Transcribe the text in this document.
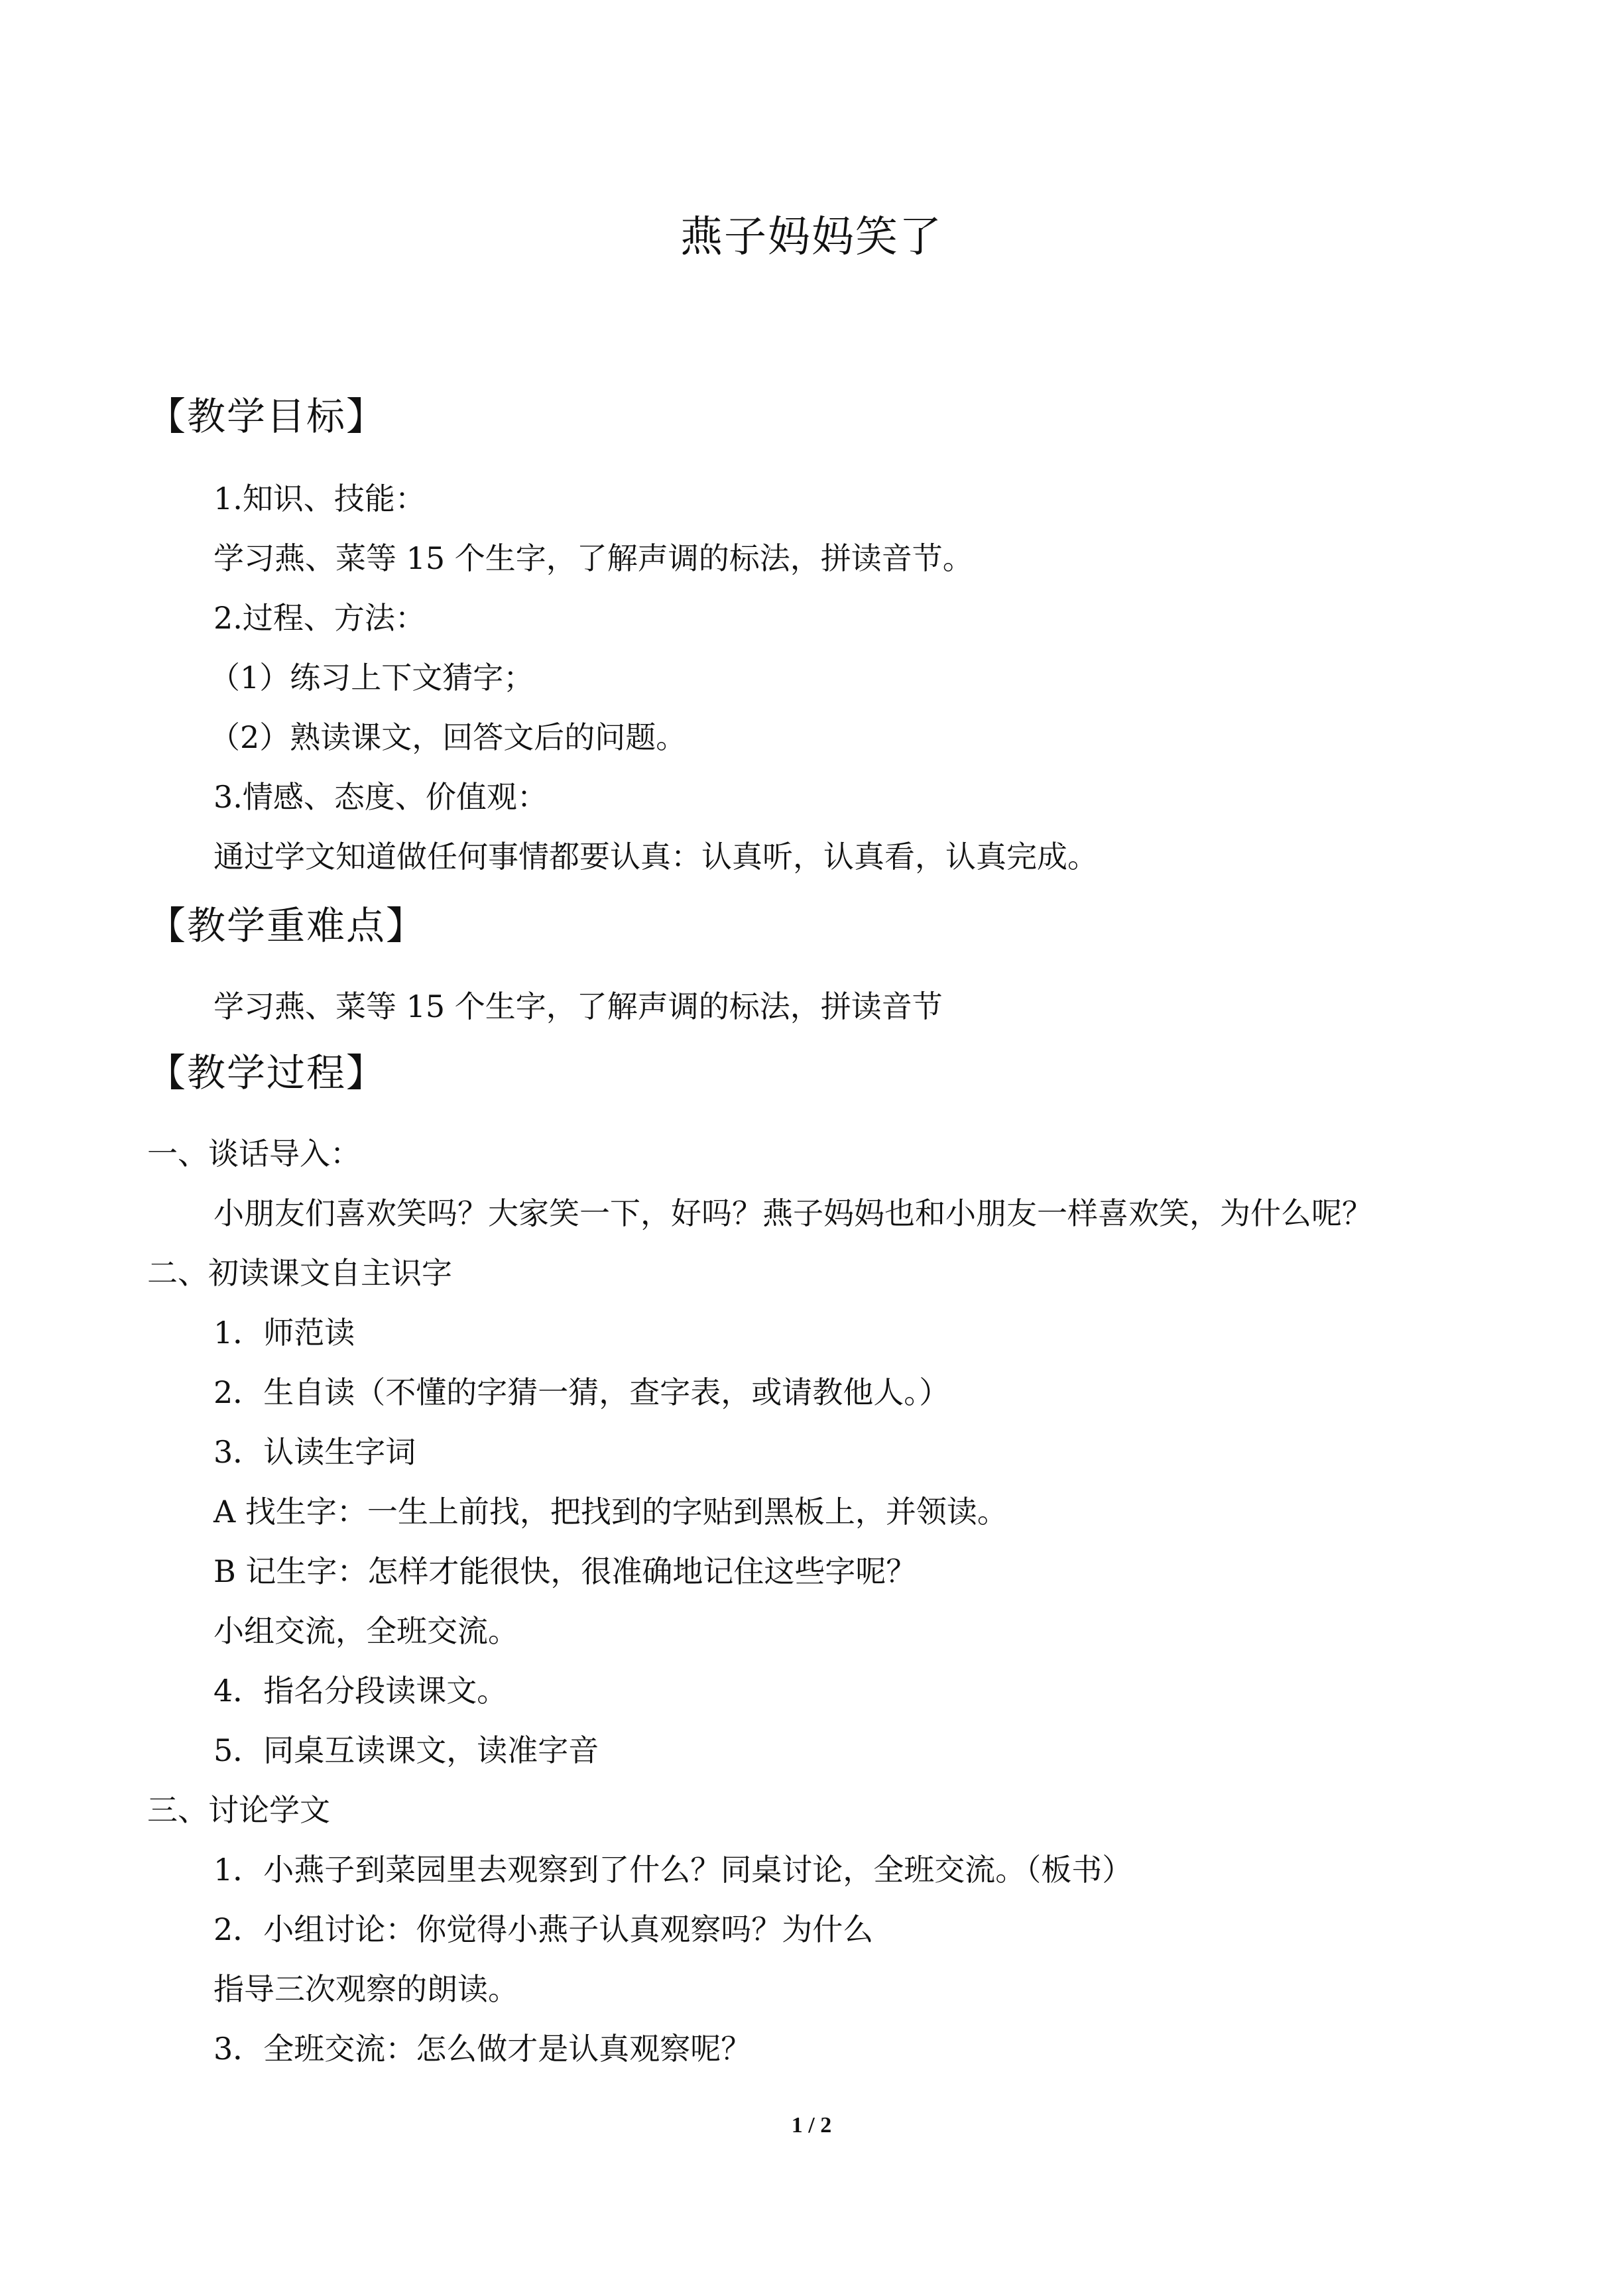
燕子妈妈笑了
【教学目标】
1.知识、技能：
学习燕、菜等 15 个生字，了解声调的标法，拼读音节。
2.过程、方法：
（1）练习上下文猜字；
（2）熟读课文，回答文后的问题。
3.情感、态度、价值观：
通过学文知道做任何事情都要认真：认真听，认真看，认真完成。
【教学重难点】
学习燕、菜等 15 个生字，了解声调的标法，拼读音节
【教学过程】
一、谈话导入：
小朋友们喜欢笑吗？大家笑一下，好吗？燕子妈妈也和小朋友一样喜欢笑，为什么呢？
二、初读课文自主识字
1．师范读
2．生自读（不懂的字猜一猜，查字表，或请教他人。）
3．认读生字词
A 找生字：一生上前找，把找到的字贴到黑板上，并领读。
B 记生字：怎样才能很快，很准确地记住这些字呢？
小组交流，全班交流。
4．指名分段读课文。
5．同桌互读课文，读准字音
三、讨论学文
1．小燕子到菜园里去观察到了什么？同桌讨论，全班交流。（板书）
2．小组讨论：你觉得小燕子认真观察吗？为什么
指导三次观察的朗读。
3．全班交流：怎么做才是认真观察呢？
1 / 2
